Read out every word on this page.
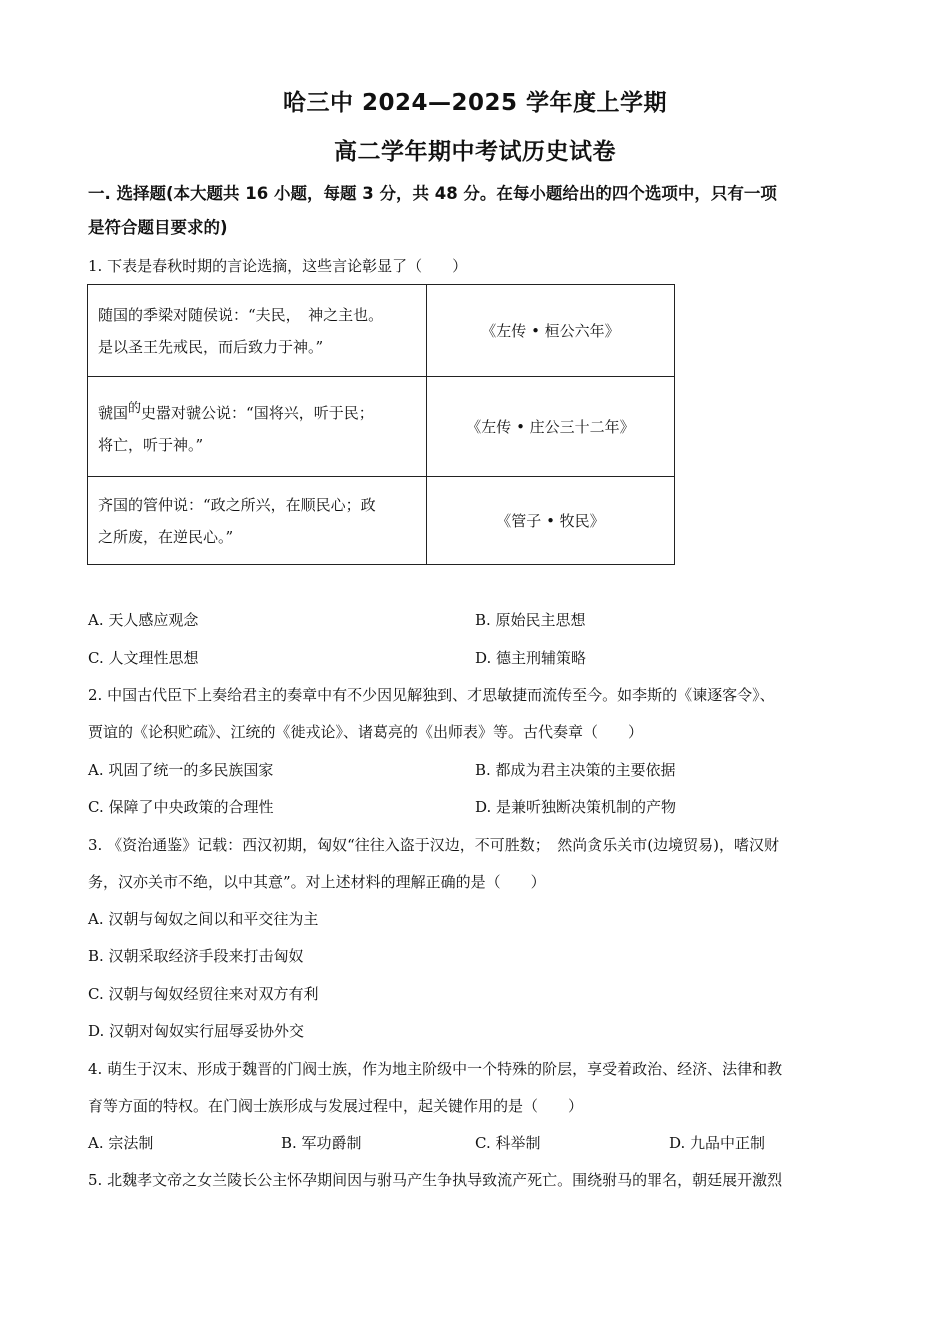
哈三中 2024—2025 学年度上学期
高二学年期中考试历史试卷
一. 选择题(本大题共 16 小题，每题 3 分，共 48 分。在每小题给出的四个选项中，只有一项
是符合题目要求的)
1. 下表是春秋时期的言论选摘，这些言论彰显了（　　）
随国的季梁对随侯说：“夫民，　神之主也。
是以圣王先戒民，而后致力于神。”	《左传 • 桓公六年》

虢国$^的$史嚣对虢公说：“国将兴，听于民；
将亡，听于神。”	《左传 • 庄公三十二年》

齐国的管仲说：“政之所兴，在顺民心；政
之所废，在逆民心。”	《管子 • 牧民》
A. 天人感应观念	B. 原始民主思想
C. 人文理性思想	D. 德主刑辅策略
2. 中国古代臣下上奏给君主的奏章中有不少因见解独到、才思敏捷而流传至今。如李斯的《谏逐客令》、
贾谊的《论积贮疏》、江统的《徙戎论》、诸葛亮的《出师表》等。古代奏章（　　）
A. 巩固了统一的多民族国家	B. 都成为君主决策的主要依据
C. 保障了中央政策的合理性	D. 是兼听独断决策机制的产物
3. 《资治通鉴》记载：西汉初期，匈奴“往往入盗于汉边，不可胜数；　然尚贪乐关市(边境贸易)，嗜汉财
务，汉亦关市不绝，以中其意”。对上述材料的理解正确的是（　　）
A. 汉朝与匈奴之间以和平交往为主
B. 汉朝采取经济手段来打击匈奴
C. 汉朝与匈奴经贸往来对双方有利
D. 汉朝对匈奴实行屈辱妥协外交
4. 萌生于汉末、形成于魏晋的门阀士族，作为地主阶级中一个特殊的阶层，享受着政治、经济、法律和教
育等方面的特权。在门阀士族形成与发展过程中，起关键作用的是（　　）
A. 宗法制	B. 军功爵制	C. 科举制	D. 九品中正制
5. 北魏孝文帝之女兰陵长公主怀孕期间因与驸马产生争执导致流产死亡。围绕驸马的罪名，朝廷展开激烈
